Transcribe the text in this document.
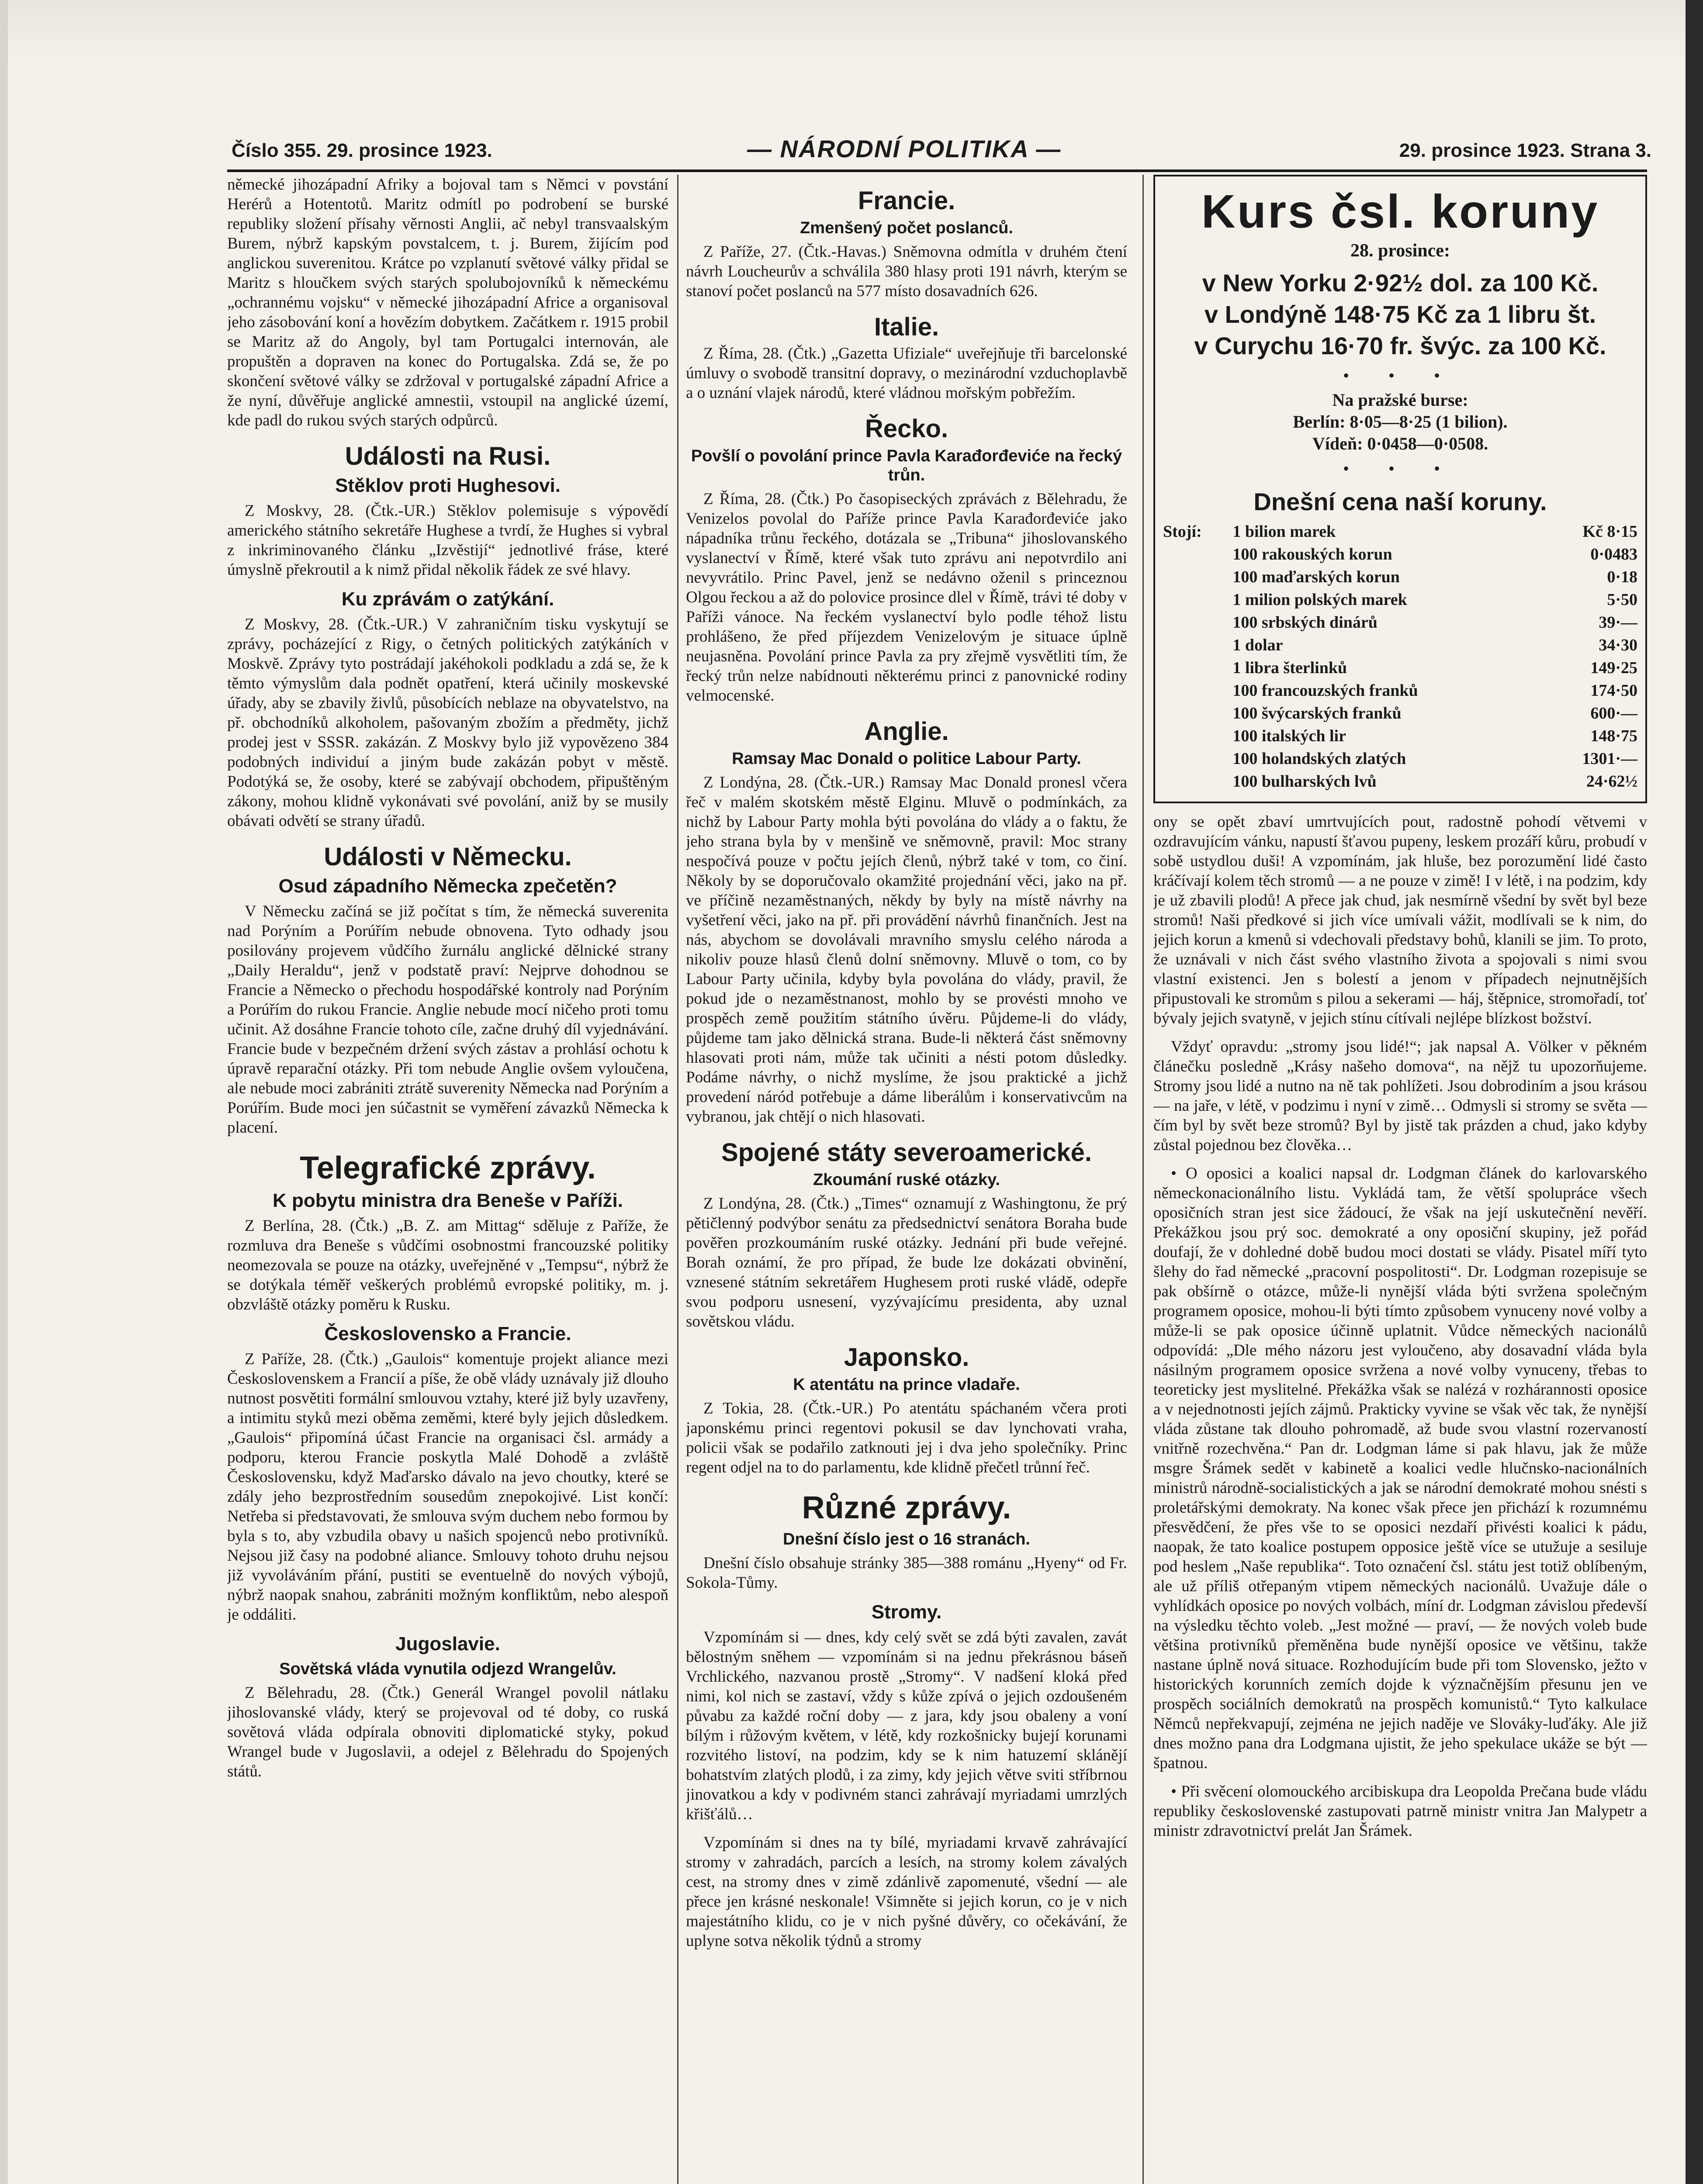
Číslo 355. 29. prosince 1923.	— NÁRODNÍ POLITIKA —	29. prosince 1923. Strana 3.

německé jihozápadní Afriky a bojoval tam s Němci v povstání Herérů a Hotentotů. Maritz odmítl po podrobení se burské republiky složení přísahy věrnosti Anglii, ač nebyl transvaalským Burem, nýbrž kapským povstalcem, t. j. Burem, žijícím pod anglickou suverenitou. Krátce po vzplanutí světové války přidal se Maritz s hloučkem svých starých spolubojovníků k německému „ochrannému vojsku“ v německé jihozápadní Africe a organisoval jeho zásobování koní a hovězím dobytkem. Začátkem r. 1915 probil se Maritz až do Angoly, byl tam Portugalci internován, ale propuštěn a dopraven na konec do Portugalska. Zdá se, že po skončení světové války se zdržoval v portugalské západní Africe a že nyní, důvěřuje anglické amnestii, vstoupil na anglické území, kde padl do rukou svých starých odpůrců.

Události na Rusi.
Stěklov proti Hughesovi.

Z Moskvy, 28. (Čtk.-UR.) Stěklov polemisuje s výpovědí amerického státního sekretáře Hughese a tvrdí, že Hughes si vybral z inkriminovaného článku „Izvěstijí“ jednotlivé fráse, které úmyslně překroutil a k nimž přidal několik řádek ze své hlavy.

Ku zprávám o zatýkání.

Z Moskvy, 28. (Čtk.-UR.) V zahraničním tisku vyskytují se zprávy, pocházející z Rigy, o četných politických zatýkáních v Moskvě. Zprávy tyto postrádají jakéhokoli podkladu a zdá se, že k těmto výmyslům dala podnět opatření, která učinily moskevské úřady, aby se zbavily živlů, působících neblaze na obyvatelstvo, na př. obchodníků alkoholem, pašovaným zbožím a předměty, jichž prodej jest v SSSR. zakázán. Z Moskvy bylo již vypovězeno 384 podobných individuí a jiným bude zakázán pobyt v městě. Podotýká se, že osoby, které se zabývají obchodem, připuštěným zákony, mohou klidně vykonávati své povolání, aniž by se musily obávati odvětí se strany úřadů.

Události v Německu.
Osud západního Německa zpečetěn?

V Německu začíná se již počítat s tím, že německá suverenita nad Porýním a Porúřím nebude obnovena. Tyto odhady jsou posilovány projevem vůdčího žurnálu anglické dělnické strany „Daily Heraldu“, jenž v podstatě praví: Nejprve dohodnou se Francie a Německo o přechodu hospodářské kontroly nad Porýním a Porúřím do rukou Francie. Anglie nebude mocí ničeho proti tomu učinit. Až dosáhne Francie tohoto cíle, začne druhý díl vyjednávání. Francie bude v bezpečném držení svých zástav a prohlásí ochotu k úpravě reparační otázky. Při tom nebude Anglie ovšem vyloučena, ale nebude moci zabrániti ztrátě suverenity Německa nad Porýním a Porúřím. Bude moci jen súčastnit se vyměření závazků Německa k placení.

Telegrafické zprávy.
K pobytu ministra dra Beneše v Paříži.

Z Berlína, 28. (Čtk.) „B. Z. am Mittag“ sděluje z Paříže, že rozmluva dra Beneše s vůdčími osobnostmi francouzské politiky neomezovala se pouze na otázky, uveřejněné v „Tempsu“, nýbrž že se dotýkala téměř veškerých problémů evropské politiky, m. j. obzvláště otázky poměru k Rusku.

Československo a Francie.

Z Paříže, 28. (Čtk.) „Gaulois“ komentuje projekt aliance mezi Československem a Francií a píše, že obě vlády uznávaly již dlouho nutnost posvětiti formální smlouvou vztahy, které již byly uzavřeny, a intimitu styků mezi oběma zeměmi, které byly jejich důsledkem. „Gaulois“ připomíná účast Francie na organisaci čsl. armády a podporu, kterou Francie poskytla Malé Dohodě a zvláště Československu, když Maďarsko dávalo na jevo choutky, které se zdály jeho bezprostředním sousedům znepokojivé. List končí: Netřeba si představovati, že smlouva svým duchem nebo formou by byla s to, aby vzbudila obavy u našich spojenců nebo protivníků. Nejsou již časy na podobné aliance. Smlouvy tohoto druhu nejsou již vyvoláváním přání, pustiti se eventuelně do nových výbojů, nýbrž naopak snahou, zabrániti možným konfliktům, nebo alespoň je oddáliti.

Jugoslavie.
Sovětská vláda vynutila odjezd Wrangelův.

Z Bělehradu, 28. (Čtk.) Generál Wrangel povolil nátlaku jihoslovanské vlády, který se projevoval od té doby, co ruská sovětová vláda odpírala obnoviti diplomatické styky, pokud Wrangel bude v Jugoslavii, a odejel z Bělehradu do Spojených států.

Francie.
Zmenšený počet poslanců.

Z Paříže, 27. (Čtk.-Havas.) Sněmovna odmítla v druhém čtení návrh Loucheurův a schválila 380 hlasy proti 191 návrh, kterým se stanoví počet poslanců na 577 místo dosavadních 626.

Italie.

Z Říma, 28. (Čtk.) „Gazetta Ufiziale“ uveřejňuje tři barcelonské úmluvy o svobodě transitní dopravy, o mezinárodní vzduchoplavbě a o uznání vlajek národů, které vládnou mořským pobřežím.

Řecko.
Povšlí o povolání prince Pavla Karađorđeviće na řecký trůn.

Z Říma, 28. (Čtk.) Po časopiseckých zprávách z Bělehradu, že Venizelos povolal do Paříže prince Pavla Karađorđeviće jako nápadníka trůnu řeckého, dotázala se „Tribuna“ jihoslovanského vyslanectví v Římě, které však tuto zprávu ani nepotvrdilo ani nevyvrátilo. Princ Pavel, jenž se nedávno oženil s princeznou Olgou řeckou a až do polovice prosince dlel v Římě, trávi té doby v Paříži vánoce. Na řeckém vyslanectví bylo podle téhož listu prohlášeno, že před příjezdem Venizelovým je situace úplně neujasněna. Povolání prince Pavla za pry zřejmě vysvětliti tím, že řecký trůn nelze nabídnouti některému princi z panovnické rodiny velmocenské.

Anglie.
Ramsay Mac Donald o politice Labour Party.

Z Londýna, 28. (Čtk.-UR.) Ramsay Mac Donald pronesl včera řeč v malém skotském městě Elginu. Mluvě o podmínkách, za nichž by Labour Party mohla býti povolána do vlády a o faktu, že jeho strana byla by v menšině ve sněmovně, pravil: Moc strany nespočívá pouze v počtu jejích členů, nýbrž také v tom, co činí. Několy by se doporučovalo okamžité projednání věci, jako na př. ve příčině nezaměstnaných, někdy by byly na místě návrhy na vyšetření věci, jako na př. při provádění návrhů finančních. Jest na nás, abychom se dovolávali mravního smyslu celého národa a nikoliv pouze hlasů členů dolní sněmovny. Mluvě o tom, co by Labour Party učinila, kdyby byla povolána do vlády, pravil, že pokud jde o nezaměstnanost, mohlo by se provésti mnoho ve prospěch země použitím státního úvěru. Půjdeme-li do vlády, půjdeme tam jako dělnická strana. Bude-li některá část sněmovny hlasovati proti nám, může tak učiniti a nésti potom důsledky. Podáme návrhy, o nichž myslíme, že jsou praktické a jichž provedení náród potřebuje a dáme liberálům i konservativcům na vybranou, jak chtějí o nich hlasovati.

Spojené státy severoamerické.
Zkoumání ruské otázky.

Z Londýna, 28. (Čtk.) „Times“ oznamují z Washingtonu, že prý pětičlenný podvýbor senátu za předsednictví senátora Boraha bude pověřen prozkoumáním ruské otázky. Jednání při bude veřejné. Borah oznámí, že pro případ, že bude lze dokázati obvinění, vznesené státním sekretářem Hughesem proti ruské vládě, odepře svou podporu usnesení, vyzývajícímu presidenta, aby uznal sovětskou vládu.

Japonsko.
K atentátu na prince vladaře.

Z Tokia, 28. (Čtk.-UR.) Po atentátu spáchaném včera proti japonskému princi regentovi pokusil se dav lynchovati vraha, policii však se podařilo zatknouti jej i dva jeho společníky. Princ regent odjel na to do parlamentu, kde klidně přečetl trůnní řeč.

Různé zprávy.
Dnešní číslo jest o 16 stranách.

Dnešní číslo obsahuje stránky 385—388 románu „Hyeny“ od Fr. Sokola-Tůmy.

Stromy.

Vzpomínám si — dnes, kdy celý svět se zdá býti zavalen, zavát bělostným sněhem — vzpomínám si na jednu překrásnou báseň Vrchlického, nazvanou prostě „Stromy“. V nadšení kloká před nimi, kol nich se zastaví, vždy s kůže zpívá o jejich ozdoušeném půvabu za každé roční doby — z jara, kdy jsou obaleny a voní bílým i růžovým květem, v létě, kdy rozkošnicky bujejí korunami rozvitého listoví, na podzim, kdy se k nim hatuzemí sklánějí bohatstvím zlatých plodů, i za zimy, kdy jejich větve sviti stříbrnou jinovatkou a kdy v podivném stanci zahrávají myriadami umrzlých křišťálů…

Vzpomínám si dnes na ty bílé, myriadami krvavě zahrávající stromy v zahradách, parcích a lesích, na stromy kolem závalých cest, na stromy dnes v zimě zdánlivě zapomenuté, všední — ale přece jen krásné neskonale! Všimněte si jejich korun, co je v nich majestátního klidu, co je v nich pyšné důvěry, co očekávání, že uplyne sotva několik týdnů a stromy

Kurs čsl. koruny
28. prosince:
v New Yorku 2·92½ dol. za 100 Kč.
v Londýně 148·75 Kč za 1 libru št.
v Curychu 16·70 fr. švýc. za 100 Kč.
• • •
Na pražské burse:
Berlín: 8·05—8·25 (1 bilion).
Vídeň: 0·0458—0·0508.
• • •
Dnešní cena naší koruny.
Stojí:	1 bilion marek	Kč 8·15
	100 rakouských korun	0·0483
	100 maďarských korun	0·18
	1 milion polských marek	5·50
	100 srbských dinárů	39·—
	1 dolar	34·30
	1 libra šterlinků	149·25
	100 francouzských franků	174·50
	100 švýcarských franků	600·—
	100 italských lir	148·75
	100 holandských zlatých	1301·—
	100 bulharských lvů	24·62½

ony se opět zbaví umrtvujících pout, radostně pohodí větvemi v ozdravujícím vánku, napustí šťavou pupeny, leskem prozáří kůru, probudí v sobě ustydlou duši! A vzpomínám, jak hluše, bez porozumění lidé často kráčívají kolem těch stromů — a ne pouze v zimě! I v létě, i na podzim, kdy je už zbavili plodů! A přece jak chud, jak nesmírně všední by svět byl beze stromů! Naši předkové si jich více umívali vážit, modlívali se k nim, do jejich korun a kmenů si vdechovali představy bohů, klanili se jim. To proto, že uznávali v nich část svého vlastního života a spojovali s nimi svou vlastní existenci. Jen s bolestí a jenom v případech nejnutnějších připustovali ke stromům s pilou a sekerami — háj, štěpnice, stromořadí, toť bývaly jejich svatyně, v jejich stínu cítívali nejlépe blízkost božství.

Vždyť opravdu: „stromy jsou lidé!“; jak napsal A. Völker v pěkném článečku posledně „Krásy našeho domova“, na nějž tu upozorňujeme. Stromy jsou lidé a nutno na ně tak pohlížeti. Jsou dobrodiním a jsou krásou — na jaře, v létě, v podzimu i nyní v zimě… Odmysli si stromy se světa — čím byl by svět beze stromů? Byl by jistě tak prázden a chud, jako kdyby zůstal pojednou bez člověka…

• O oposici a koalici napsal dr. Lodgman článek do karlovarského německonacionálního listu. Vykládá tam, že větší spolupráce všech oposičních stran jest sice žádoucí, že však na její uskutečnění nevěří. Překážkou jsou prý soc. demokraté a ony oposiční skupiny, jež pořád doufají, že v dohledné době budou moci dostati se vlády. Pisatel míří tyto šlehy do řad německé „pracovní pospolitosti“. Dr. Lodgman rozepisuje se pak obšírně o otázce, může-li nynější vláda býti svržena společným programem oposice, mohou-li býti tímto způsobem vynuceny nové volby a může-li se pak oposice účinně uplatnit. Vůdce německých nacionálů odpovídá: „Dle mého názoru jest vyloučeno, aby dosavadní vláda byla násilným programem oposice svržena a nové volby vynuceny, třebas to teoreticky jest myslitelné. Překážka však se nalézá v rozhárannosti oposice a v nejednotnosti jejích zájmů. Prakticky vyvine se však věc tak, že nynější vláda zůstane tak dlouho pohromadě, až bude svou vlastní rozervaností vnitřně rozechvěna.“ Pan dr. Lodgman láme si pak hlavu, jak že může msgre Šrámek sedět v kabinetě a koalici vedle hlučnsko-nacionálních ministrů národně-socialistických a jak se národní demokraté mohou snésti s proletářskými demokraty. Na konec však přece jen přichází k rozumnému přesvědčení, že přes vše to se oposici nezdaří přivésti koalici k pádu, naopak, že tato koalice postupem opposice ještě více se utužuje a sesiluje pod heslem „Naše republika“. Toto označení čsl. státu jest totiž oblíbeným, ale už příliš otřepaným vtipem německých nacionálů. Uvažuje dále o vyhlídkách oposice po nových volbách, míní dr. Lodgman závislou předevší na výsledku těchto voleb. „Jest možné — praví, — že nových voleb bude většina protivníků přeměněna bude nynější oposice ve většinu, takže nastane úplně nová situace. Rozhodujícím bude při tom Slovensko, ježto v historických korunních zemích dojde k význačnějším přesunu jen ve prospěch sociálních demokratů na prospěch komunistů.“ Tyto kalkulace Němců nepřekvapují, zejména ne jejich naděje ve Slováky-luďáky. Ale již dnes možno pana dra Lodgmana ujistit, že jeho spekulace ukáže se být — špatnou.

• Při svěcení olomouckého arcibiskupa dra Leopolda Prečana bude vládu republiky československé zastupovati patrně ministr vnitra Jan Malypetr a ministr zdravotnictví prelát Jan Šrámek.
